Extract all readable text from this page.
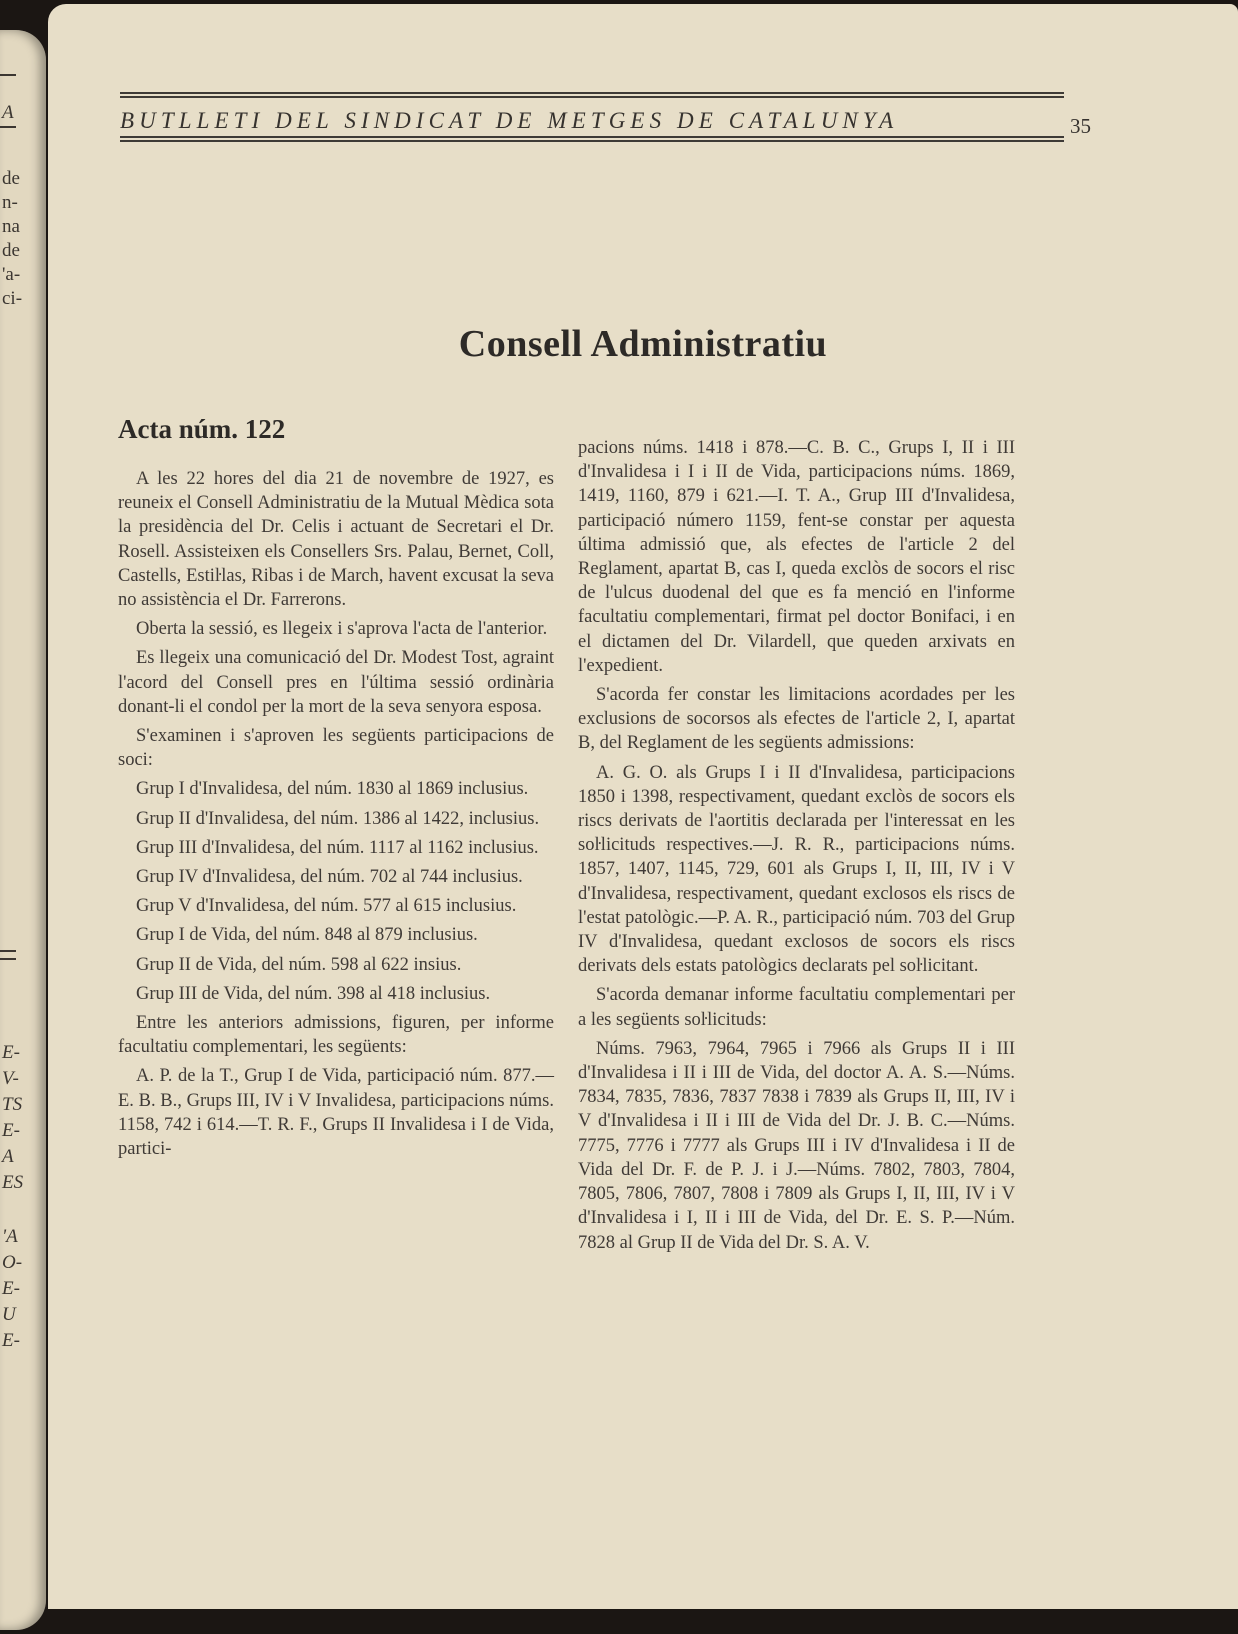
A
de
n-
na
de
'a-
ci-
E-
V-
TS
E-
A
ES
'A
O-
E-
U
E-
BUTLLETI DEL SINDICAT DE METGES DE CATALUNYA	35
Consell Administratiu
Acta núm. 122

A les 22 hores del dia 21 de novembre de 1927, es reuneix el Consell Administratiu de la Mutual Mèdica sota la presidència del Dr. Celis i actuant de Secretari el Dr. Rosell. Assisteixen els Consellers Srs. Palau, Bernet, Coll, Castells, Estiŀlas, Ribas i de March, havent excusat la seva no assistència el Dr. Farrerons.

Oberta la sessió, es llegeix i s'aprova l'acta de l'anterior.

Es llegeix una comunicació del Dr. Modest Tost, agraint l'acord del Consell pres en l'última sessió ordinària donant-li el condol per la mort de la seva senyora esposa.

S'examinen i s'aproven les següents participacions de soci:

Grup I d'Invalidesa, del núm. 1830 al 1869 inclusius.

Grup II d'Invalidesa, del núm. 1386 al 1422, inclusius.

Grup III d'Invalidesa, del núm. 1117 al 1162 inclusius.

Grup IV d'Invalidesa, del núm. 702 al 744 inclusius.

Grup V d'Invalidesa, del núm. 577 al 615 inclusius.

Grup I de Vida, del núm. 848 al 879 inclusius.

Grup II de Vida, del núm. 598 al 622 insius.

Grup III de Vida, del núm. 398 al 418 inclusius.

Entre les anteriors admissions, figuren, per informe facultatiu complementari, les següents:

A. P. de la T., Grup I de Vida, participació núm. 877.—E. B. B., Grups III, IV i V Invalidesa, participacions núms. 1158, 742 i 614.—T. R. F., Grups II Invalidesa i I de Vida, partici-

pacions núms. 1418 i 878.—C. B. C., Grups I, II i III d'Invalidesa i I i II de Vida, participacions núms. 1869, 1419, 1160, 879 i 621.—I. T. A., Grup III d'Invalidesa, participació número 1159, fent-se constar per aquesta última admissió que, als efectes de l'article 2 del Reglament, apartat B, cas I, queda exclòs de socors el risc de l'ulcus duodenal del que es fa menció en l'informe facultatiu complementari, firmat pel doctor Bonifaci, i en el dictamen del Dr. Vilardell, que queden arxivats en l'expedient.

S'acorda fer constar les limitacions acordades per les exclusions de socorsos als efectes de l'article 2, I, apartat B, del Reglament de les següents admissions:

A. G. O. als Grups I i II d'Invalidesa, participacions 1850 i 1398, respectivament, quedant exclòs de socors els riscs derivats de l'aortitis declarada per l'interessat en les soŀlicituds respectives.—J. R. R., participacions núms. 1857, 1407, 1145, 729, 601 als Grups I, II, III, IV i V d'Invalidesa, respectivament, quedant exclosos els riscs de l'estat patològic.—P. A. R., participació núm. 703 del Grup IV d'Invalidesa, quedant exclosos de socors els riscs derivats dels estats patològics declarats pel soŀlicitant.

S'acorda demanar informe facultatiu complementari per a les següents soŀlicituds:

Núms. 7963, 7964, 7965 i 7966 als Grups II i III d'Invalidesa i II i III de Vida, del doctor A. A. S.—Núms. 7834, 7835, 7836, 7837 7838 i 7839 als Grups II, III, IV i V d'Invalidesa i II i III de Vida del Dr. J. B. C.—Núms. 7775, 7776 i 7777 als Grups III i IV d'Invalidesa i II de Vida del Dr. F. de P. J. i J.—Núms. 7802, 7803, 7804, 7805, 7806, 7807, 7808 i 7809 als Grups I, II, III, IV i V d'Invalidesa i I, II i III de Vida, del Dr. E. S. P.—Núm. 7828 al Grup II de Vida del Dr. S. A. V.
